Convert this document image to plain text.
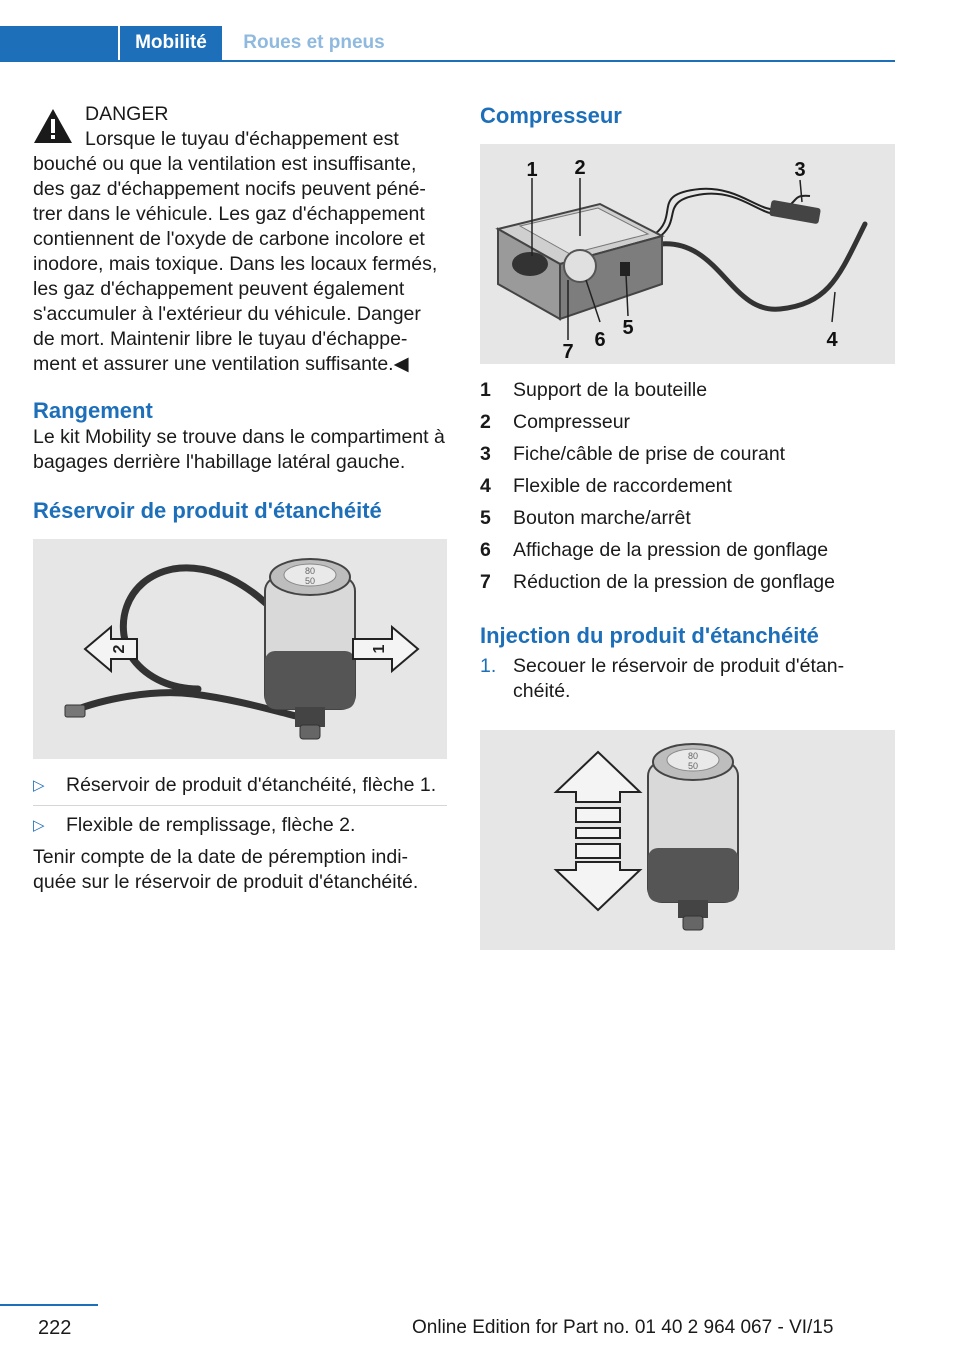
Mobilité	Roues et pneus

DANGER

Lorsque le tuyau d'échappement est

bouché ou que la ventilation est insuffisante, des gaz d'échappement nocifs peuvent péné‐trer dans le véhicule. Les gaz d'échappement contiennent de l'oxyde de carbone incolore et inodore, mais toxique. Dans les locaux fermés, les gaz d'échappement peuvent également s'accumuler à l'extérieur du véhicule. Danger de mort. Maintenir libre le tuyau d'échappe‐ment et assurer une ventilation suffisante.◀

Rangement

Le kit Mobility se trouve dans le compartiment à bagages derrière l'habillage latéral gauche.

Réservoir de produit d'étanchéité
80
50
2	1
▷	Réservoir de produit d'étanchéité, flèche 1.
▷	Flexible de remplissage, flèche 2.

Tenir compte de la date de péremption indi‐quée sur le réservoir de produit d'étanchéité.

Compresseur
1 2	3
4
5
6
7
1	Support de la bouteille
2	Compresseur
3	Fiche/câble de prise de courant
4	Flexible de raccordement
5	Bouton marche/arrêt
6	Affichage de la pression de gonflage
7	Réduction de la pression de gonflage
Injection du produit d'étanchéité
1. Secouer le réservoir de produit d'étan‐chéité.
80
50
222	Online Edition for Part no. 01 40 2 964 067 - VI/15
